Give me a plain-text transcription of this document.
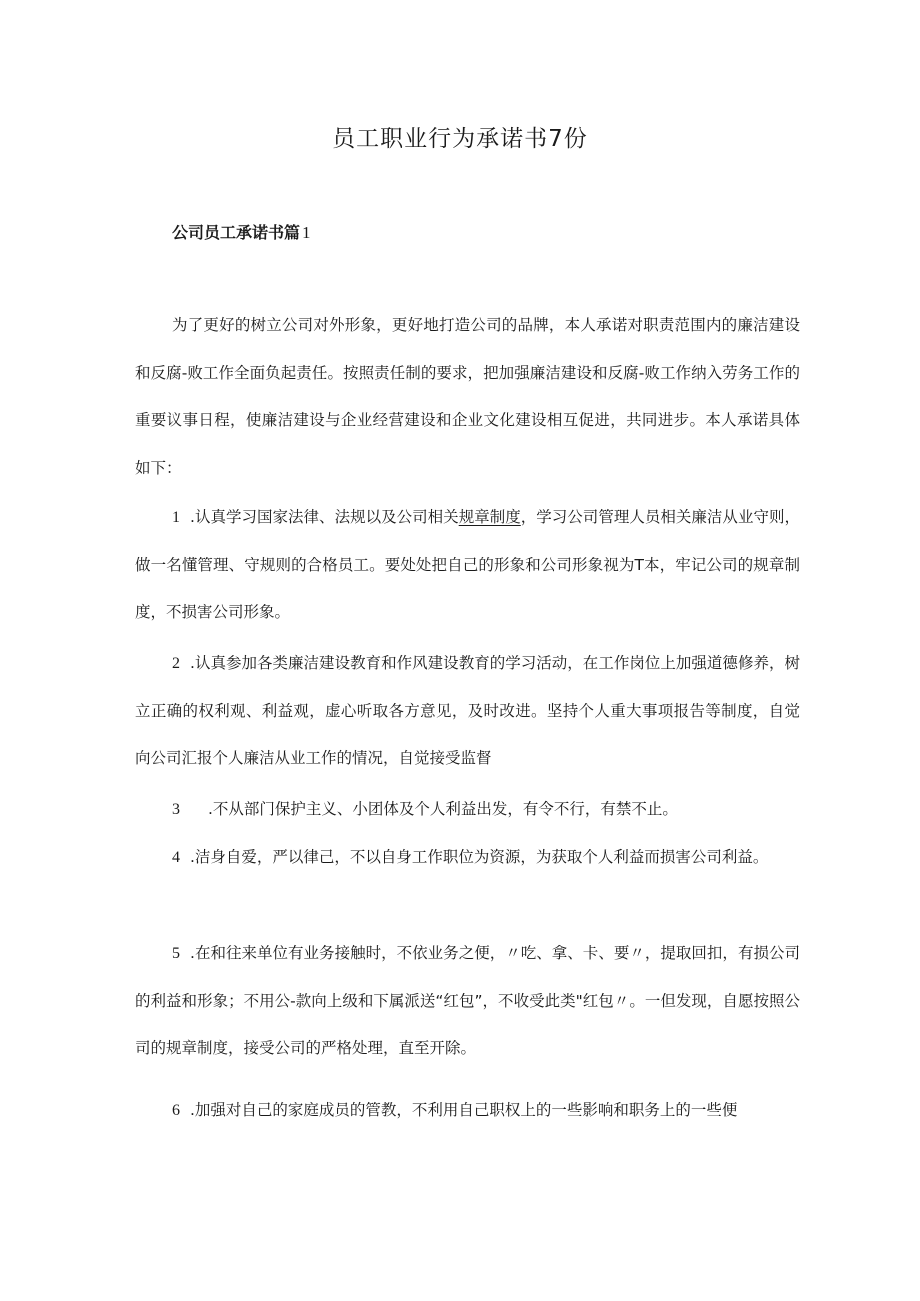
员工职业行为承诺书7份
公司员工承诺书篇 1

为了更好的树立公司对外形象，更好地打造公司的品牌，本人承诺对职责范围内的廉洁建设和反腐-败工作全面负起责任。按照责任制的要求，把加强廉洁建设和反腐-败工作纳入劳务工作的重要议事日程，使廉洁建设与企业经营建设和企业文化建设相互促进，共同进步。本人承诺具体如下：

1 .认真学习国家法律、法规以及公司相关规章制度，学习公司管理人员相关廉洁从业守则，做一名懂管理、守规则的合格员工。要处处把自己的形象和公司形象视为T本，牢记公司的规章制度，不损害公司形象。

2 .认真参加各类廉洁建设教育和作风建设教育的学习活动，在工作岗位上加强道德修养，树立正确的权利观、利益观，虚心听取各方意见，及时改进。坚持个人重大事项报告等制度，自觉向公司汇报个人廉洁从业工作的情况，自觉接受监督

3 .不从部门保护主义、小团体及个人利益出发，有令不行，有禁不止。

4 .洁身自爱，严以律己，不以自身工作职位为资源，为获取个人利益而损害公司利益。

5 .在和往来单位有业务接触时，不依业务之便，〃吃、拿、卡、要〃，提取回扣，有损公司的利益和形象；不用公-款向上级和下属派送“红包”，不收受此类"红包〃。一但发现，自愿按照公司的规章制度，接受公司的严格处理，直至开除。

6 .加强对自己的家庭成员的管教，不利用自己职权上的一些影响和职务上的一些便
